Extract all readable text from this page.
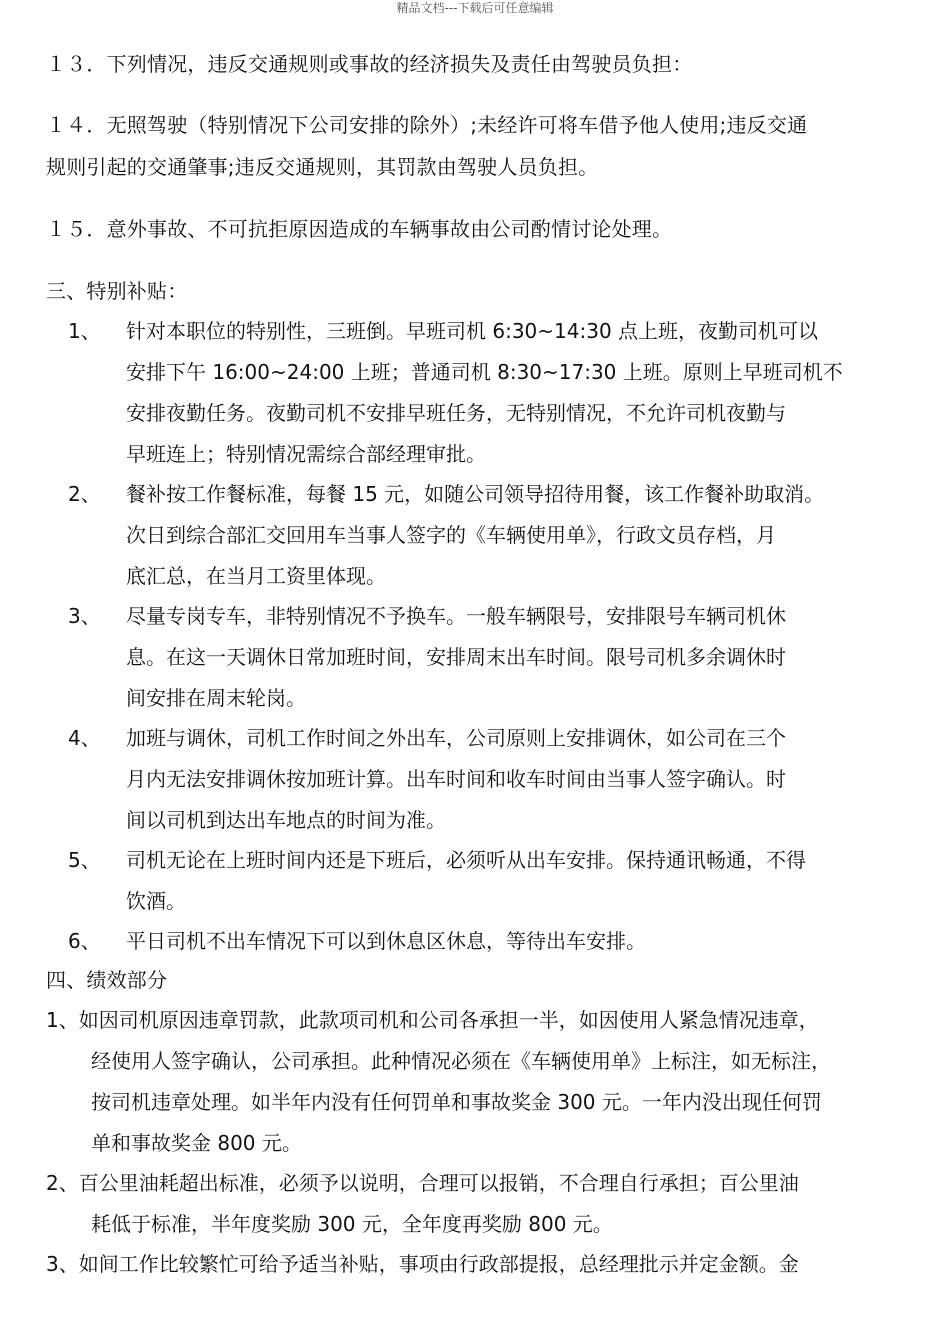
精品文档---下载后可任意编辑
１３．下列情况，违反交通规则或事故的经济损失及责任由驾驶员负担：
１４．无照驾驶（特别情况下公司安排的除外）;未经许可将车借予他人使用;违反交通
规则引起的交通肇事;违反交通规则，其罚款由驾驶人员负担。
１５．意外事故、不可抗拒原因造成的车辆事故由公司酌情讨论处理。
三、特别补贴：
1、 针对本职位的特别性，三班倒。早班司机 6:30~14:30 点上班，夜勤司机可以
安排下午 16:00~24:00 上班；普通司机 8:30~17:30 上班。原则上早班司机不
安排夜勤任务。夜勤司机不安排早班任务，无特别情况，不允许司机夜勤与
早班连上；特别情况需综合部经理审批。
2、 餐补按工作餐标准，每餐 15 元，如随公司领导招待用餐，该工作餐补助取消。
次日到综合部汇交回用车当事人签字的《车辆使用单》，行政文员存档，月
底汇总，在当月工资里体现。
3、 尽量专岗专车，非特别情况不予换车。一般车辆限号，安排限号车辆司机休
息。在这一天调休日常加班时间，安排周末出车时间。限号司机多余调休时
间安排在周末轮岗。
4、 加班与调休，司机工作时间之外出车，公司原则上安排调休，如公司在三个
月内无法安排调休按加班计算。出车时间和收车时间由当事人签字确认。时
间以司机到达出车地点的时间为准。
5、 司机无论在上班时间内还是下班后，必须听从出车安排。保持通讯畅通，不得
饮酒。
6、 平日司机不出车情况下可以到休息区休息，等待出车安排。
四、绩效部分
1、如因司机原因违章罚款，此款项司机和公司各承担一半，如因使用人紧急情况违章，
经使用人签字确认，公司承担。此种情况必须在《车辆使用单》上标注，如无标注，
按司机违章处理。如半年内没有任何罚单和事故奖金 300 元。一年内没出现任何罚
单和事故奖金 800 元。
2、百公里油耗超出标准，必须予以说明，合理可以报销，不合理自行承担；百公里油
耗低于标准，半年度奖励 300 元，全年度再奖励 800 元。
3、如间工作比较繁忙可给予适当补贴，事项由行政部提报，总经理批示并定金额。金
